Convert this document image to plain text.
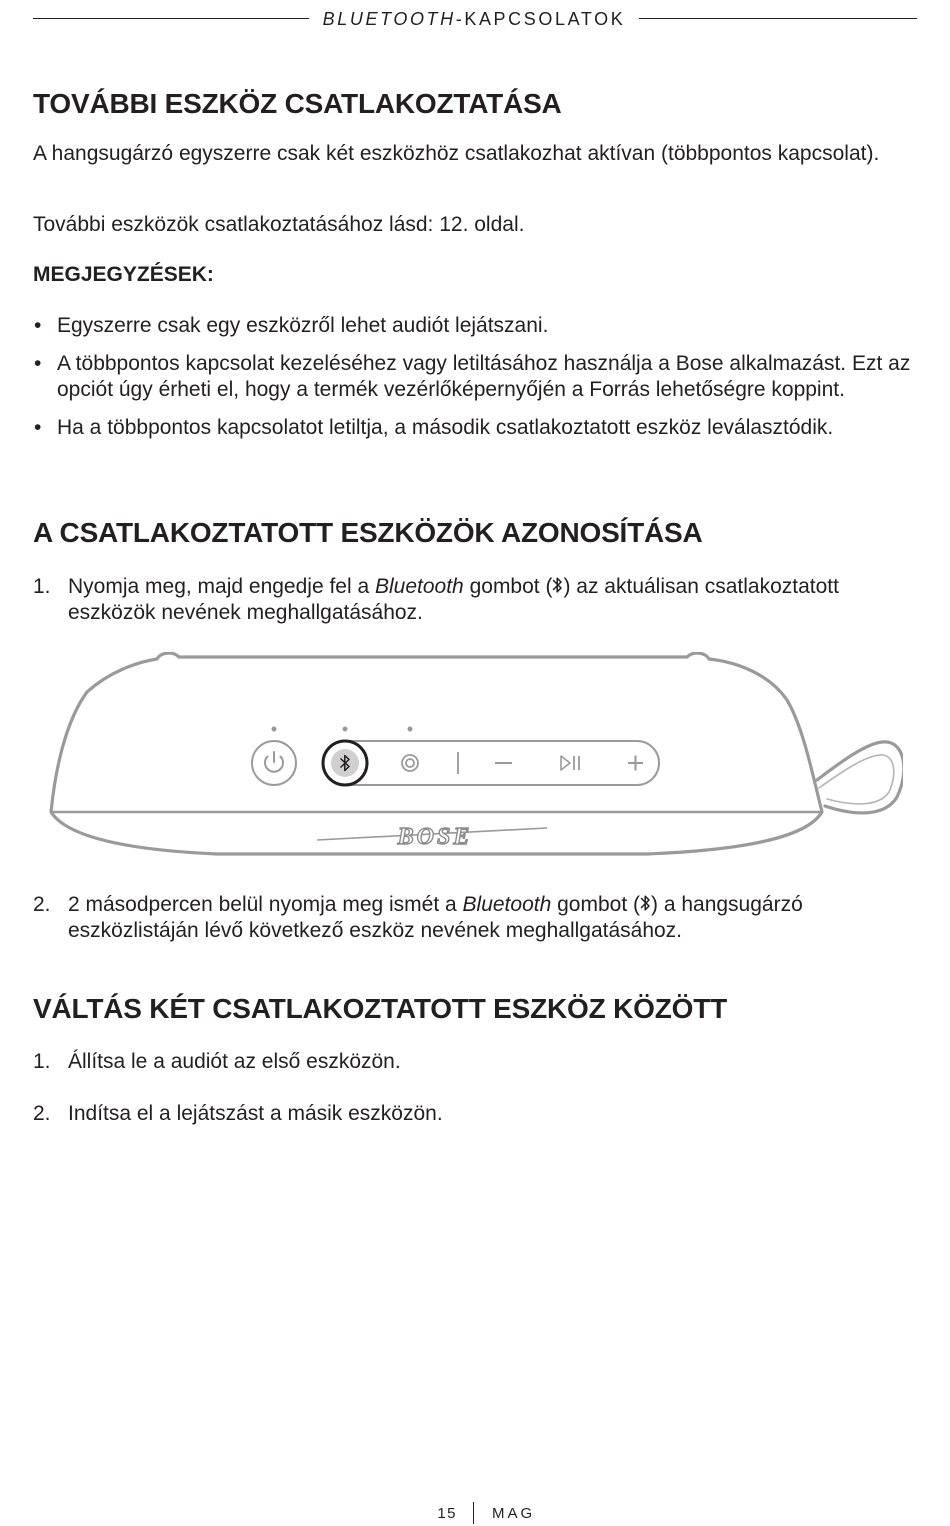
BLUETOOTH-KAPCSOLATOK
TOVÁBBI ESZKÖZ CSATLAKOZTATÁSA

A hangsugárzó egyszerre csak két eszközhöz csatlakozhat aktívan (többpontos kapcsolat).

További eszközök csatlakoztatásához lásd: 12. oldal.

MEGJEGYZÉSEK:
• Egyszerre csak egy eszközről lehet audiót lejátszani.
• A többpontos kapcsolat kezeléséhez vagy letiltásához használja a Bose alkalmazást. Ezt az opciót úgy érheti el, hogy a termék vezérlőképernyőjén a Forrás lehetőségre koppint.
• Ha a többpontos kapcsolatot letiltja, a második csatlakoztatott eszköz leválasztódik.
A CSATLAKOZTATOTT ESZKÖZÖK AZONOSÍTÁSA
1. Nyomja meg, majd engedje fel a Bluetooth gombot ( ) az aktuálisan csatlakoztatott eszközök nevének meghallgatásához.
BOSE
2. 2 másodpercen belül nyomja meg ismét a Bluetooth gombot ( ) a hangsugárzó eszközlistáján lévő következő eszköz nevének meghallgatásához.
VÁLTÁS KÉT CSATLAKOZTATOTT ESZKÖZ KÖZÖTT
1. Állítsa le a audiót az első eszközön.
2. Indítsa el a lejátszást a másik eszközön.
15 MAG
